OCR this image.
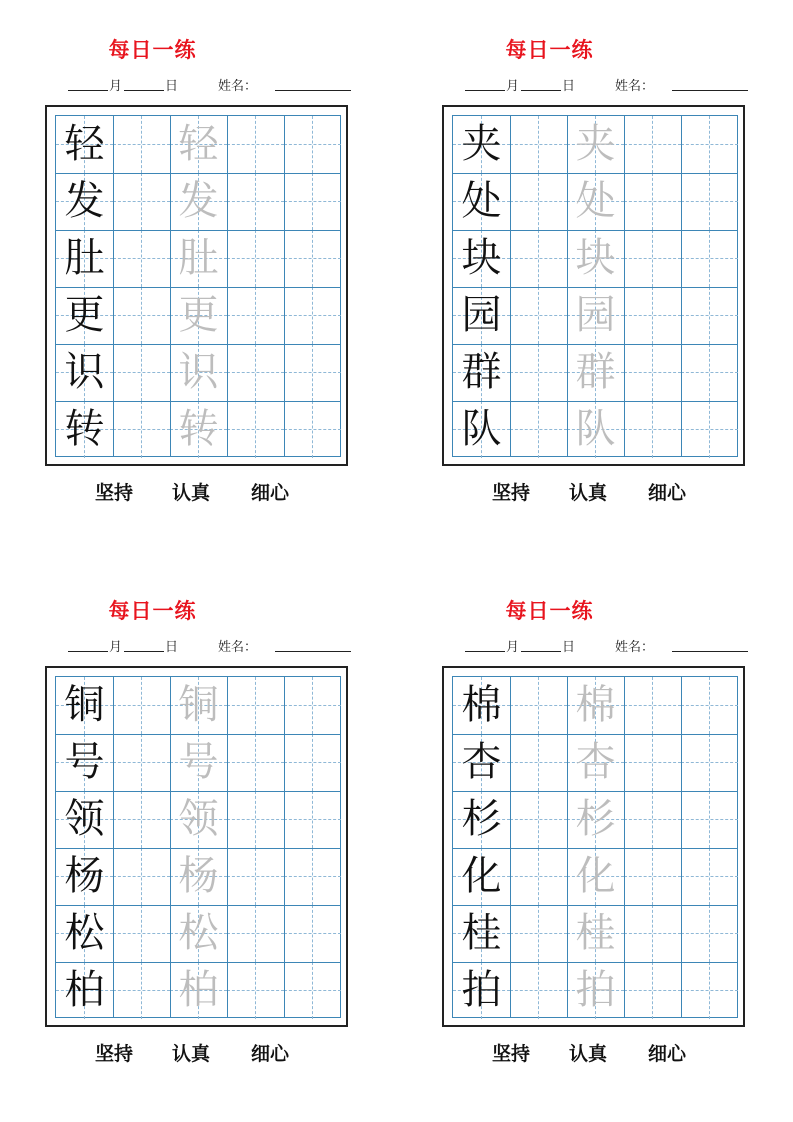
每日一练
月	日	姓名：
轻 轻
发 发
肚 肚
更 更
识 识
转 转
坚持 认真 细心
每日一练
月	日	姓名：
夹 夹
处 处
块 块
园 园
群 群
队 队
坚持 认真 细心
每日一练
月	日	姓名：
铜 铜
号 号
领 领
杨 杨
松 松
柏 柏
坚持 认真 细心
每日一练
月	日	姓名：
棉 棉
杏 杏
杉 杉
化 化
桂 桂
拍 拍
坚持 认真 细心
